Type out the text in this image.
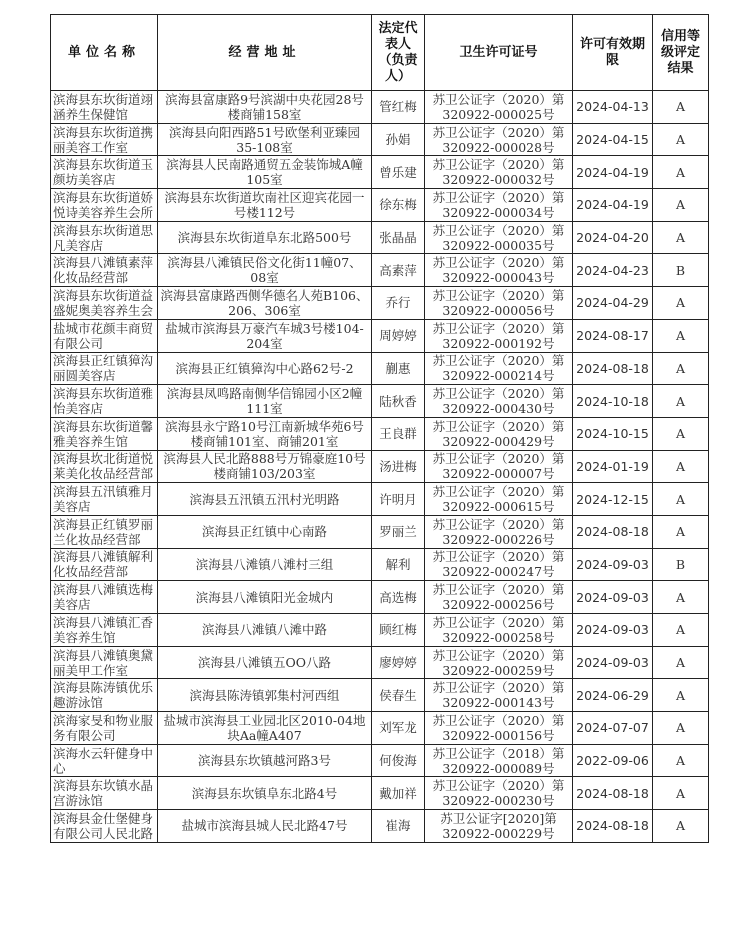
单位名称	经营地址	法定代表人（负责人）	卫生许可证号	许可有效期限	信用等级评定结果
滨海县东坎街道翊涵养生保健馆	滨海县富康路9号滨湖中央花园28号楼商铺158室	管红梅	苏卫公证字（2020）第320922-000025号	2024-04-13	A
滨海县东坎街道携丽美容工作室	滨海县向阳西路51号欧堡利亚臻园35-108室	孙娟	苏卫公证字（2020）第320922-000028号	2024-04-15	A
滨海县东坎街道玉颜坊美容店	滨海县人民南路通贸五金装饰城A幢105室	曾乐建	苏卫公证字（2020）第320922-000032号	2024-04-19	A
滨海县东坎街道娇悦诗美容养生会所	滨海县东坎街道坎南社区迎宾花园一号楼112号	徐东梅	苏卫公证字（2020）第320922-000034号	2024-04-19	A
滨海县东坎街道思凡美容店	滨海县东坎街道阜东北路500号	张晶晶	苏卫公证字（2020）第320922-000035号	2024-04-20	A
滨海县八滩镇素萍化妆品经营部	滨海县八滩镇民俗文化街11幢07、08室	高素萍	苏卫公证字（2020）第320922-000043号	2024-04-23	B
滨海县东坎街道益盛妮奥美容养生会	滨海县富康路西侧华德名人苑B106、206、306室	乔行	苏卫公证字（2020）第320922-000056号	2024-04-29	A
盐城市花颜丰商贸有限公司	盐城市滨海县万豪汽车城3号楼104-204室	周婷婷	苏卫公证字（2020）第320922-000192号	2024-08-17	A
滨海县正红镇獐沟丽圆美容店	滨海县正红镇獐沟中心路62号-2	蒯惠	苏卫公证字（2020）第320922-000214号	2024-08-18	A
滨海县东坎街道雅怡美容店	滨海县凤鸣路南侧华信锦园小区2幢111室	陆秋香	苏卫公证字（2020）第320922-000430号	2024-10-18	A
滨海县东坎街道馨雅美容养生馆	滨海县永宁路10号江南新城华苑6号楼商铺101室、商铺201室	王良群	苏卫公证字（2020）第320922-000429号	2024-10-15	A
滨海县坎北街道悦莱美化妆品经营部	滨海县人民北路888号万锦豪庭10号楼商铺103/203室	汤进梅	苏卫公证字（2020）第320922-000007号	2024-01-19	A
滨海县五汛镇雅月美容店	滨海县五汛镇五汛村光明路	许明月	苏卫公证字（2020）第320922-000615号	2024-12-15	A
滨海县正红镇罗丽兰化妆品经营部	滨海县正红镇中心南路	罗丽兰	苏卫公证字（2020）第320922-000226号	2024-08-18	A
滨海县八滩镇解利化妆品经营部	滨海县八滩镇八滩村三组	解利	苏卫公证字（2020）第320922-000247号	2024-09-03	B
滨海县八滩镇选梅美容店	滨海县八滩镇阳光金城内	高选梅	苏卫公证字（2020）第320922-000256号	2024-09-03	A
滨海县八滩镇汇香美容养生馆	滨海县八滩镇八滩中路	顾红梅	苏卫公证字（2020）第320922-000258号	2024-09-03	A
滨海县八滩镇奥黛丽美甲工作室	滨海县八滩镇五OO八路	廖婷婷	苏卫公证字（2020）第320922-000259号	2024-09-03	A
滨海县陈涛镇优乐趣游泳馆	滨海县陈涛镇郭集村河西组	侯春生	苏卫公证字（2020）第320922-000143号	2024-06-29	A
滨海家旻和物业服务有限公司	盐城市滨海县工业园北区2010-04地块Aa幢A407	刘军龙	苏卫公证字（2020）第320922-000156号	2024-07-07	A
滨海水云轩健身中心	滨海县东坎镇越河路3号	何俊海	苏卫公证字（2018）第320922-000089号	2022-09-06	A
滨海县东坎镇水晶宫游泳馆	滨海县东坎镇阜东北路4号	戴加祥	苏卫公证字（2020）第320922-000230号	2024-08-18	A
滨海县金仕堡健身有限公司人民北路	盐城市滨海县城人民北路47号	崔海	苏卫公证字[2020]第320922-000229号	2024-08-18	A
